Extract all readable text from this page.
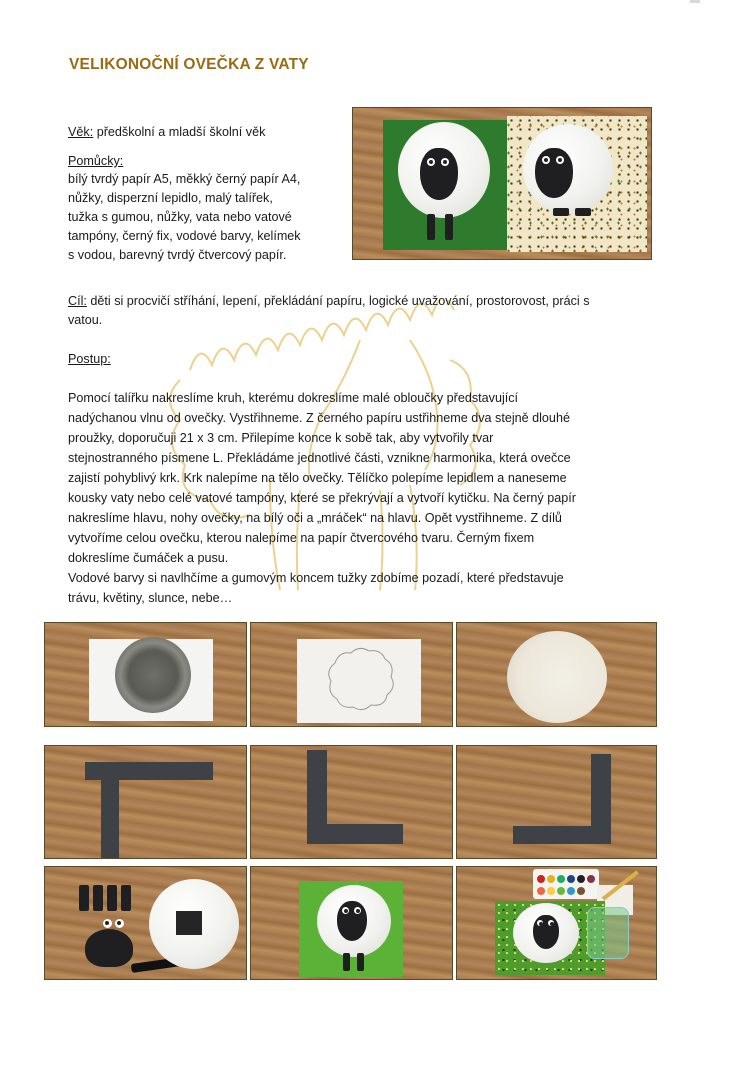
VELIKONOČNÍ OVEČKA Z VATY
Věk: předškolní a mladší školní věk
Pomůcky:
bílý tvrdý papír A5, měkký černý papír A4,
nůžky, disperzní lepidlo, malý talířek,
tužka s gumou, nůžky, vata nebo vatové
tampóny, černý fix, vodové barvy, kelímek
s vodou, barevný tvrdý čtvercový papír.
Cíl: děti si procvičí stříhání, lepení, překládání papíru, logické uvažování, prostorovost, práci s
vatou.
Postup:
Pomocí talířku nakreslíme kruh, kterému dokreslíme malé obloučky představující
nadýchanou vlnu od ovečky. Vystřihneme. Z černého papíru ustřihneme dva stejně dlouhé
proužky, doporučuji 21 x 3 cm. Přilepíme konce k sobě tak, aby vytvořily tvar
stejnostranného písmene L. Překládáme jednotlivé části, vznikne harmonika, která ovečce
zajistí pohyblivý krk. Krk nalepíme na tělo ovečky. Tělíčko polepíme lepidlem a naneseme
kousky vaty nebo celé vatové tampóny, které se překrývají a vytvoří kytičku. Na černý papír
nakreslíme hlavu, nohy ovečky, na bílý oči a „mráček“ na hlavu. Opět vystřihneme. Z dílů
vytvoříme celou ovečku, kterou nalepíme na papír čtvercového tvaru. Černým fixem
dokreslíme čumáček a pusu.
Vodové barvy si navlhčíme a gumovým koncem tužky zdobíme pozadí, které představuje
trávu, květiny, slunce, nebe…
